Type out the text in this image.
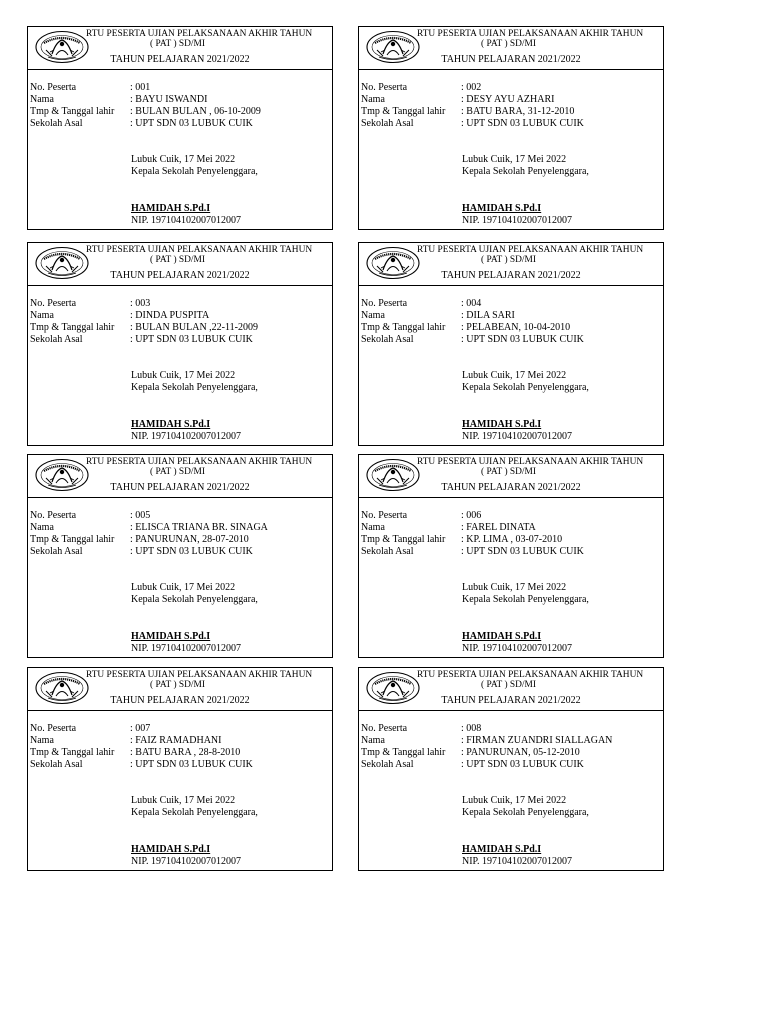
RTU PESERTA UJIAN PELAKSANAAN AKHIR TAHUN
( PAT ) SD/MI
TAHUN PELAJARAN 2021/2022
No. Peserta	: 001
Nama	: BAYU ISWANDI
Tmp & Tanggal lahir : BULAN BULAN , 06-10-2009
Sekolah Asal	: UPT SDN 03 LUBUK CUIK
Lubuk Cuik, 17 Mei 2022
Kepala Sekolah Penyelenggara,
HAMIDAH S.Pd.I
NIP. 197104102007012007
RTU PESERTA UJIAN PELAKSANAAN AKHIR TAHUN
( PAT ) SD/MI
TAHUN PELAJARAN 2021/2022
No. Peserta	: 002
Nama	: DESY AYU AZHARI
Tmp & Tanggal lahir : BATU BARA, 31-12-2010
Sekolah Asal	: UPT SDN 03 LUBUK CUIK
Lubuk Cuik, 17 Mei 2022
Kepala Sekolah Penyelenggara,
HAMIDAH S.Pd.I
NIP. 197104102007012007
RTU PESERTA UJIAN PELAKSANAAN AKHIR TAHUN
( PAT ) SD/MI
TAHUN PELAJARAN 2021/2022
No. Peserta	: 003
Nama	: DINDA PUSPITA
Tmp & Tanggal lahir : BULAN BULAN ,22-11-2009
Sekolah Asal	: UPT SDN 03 LUBUK CUIK
Lubuk Cuik, 17 Mei 2022
Kepala Sekolah Penyelenggara,
HAMIDAH S.Pd.I
NIP. 197104102007012007
RTU PESERTA UJIAN PELAKSANAAN AKHIR TAHUN
( PAT ) SD/MI
TAHUN PELAJARAN 2021/2022
No. Peserta	: 004
Nama	: DILA SARI
Tmp & Tanggal lahir : PELABEAN, 10-04-2010
Sekolah Asal	: UPT SDN 03 LUBUK CUIK
Lubuk Cuik, 17 Mei 2022
Kepala Sekolah Penyelenggara,
HAMIDAH S.Pd.I
NIP. 197104102007012007
RTU PESERTA UJIAN PELAKSANAAN AKHIR TAHUN
( PAT ) SD/MI
TAHUN PELAJARAN 2021/2022
No. Peserta	: 005
Nama	: ELISCA TRIANA BR. SINAGA
Tmp & Tanggal lahir : PANURUNAN, 28-07-2010
Sekolah Asal	: UPT SDN 03 LUBUK CUIK
Lubuk Cuik, 17 Mei 2022
Kepala Sekolah Penyelenggara,
HAMIDAH S.Pd.I
NIP. 197104102007012007
RTU PESERTA UJIAN PELAKSANAAN AKHIR TAHUN
( PAT ) SD/MI
TAHUN PELAJARAN 2021/2022
No. Peserta	: 006
Nama	: FAREL DINATA
Tmp & Tanggal lahir : KP. LIMA , 03-07-2010
Sekolah Asal	: UPT SDN 03 LUBUK CUIK
Lubuk Cuik, 17 Mei 2022
Kepala Sekolah Penyelenggara,
HAMIDAH S.Pd.I
NIP. 197104102007012007
RTU PESERTA UJIAN PELAKSANAAN AKHIR TAHUN
( PAT ) SD/MI
TAHUN PELAJARAN 2021/2022
No. Peserta	: 007
Nama	: FAIZ RAMADHANI
Tmp & Tanggal lahir : BATU BARA , 28-8-2010
Sekolah Asal	: UPT SDN 03 LUBUK CUIK
Lubuk Cuik, 17 Mei 2022
Kepala Sekolah Penyelenggara,
HAMIDAH S.Pd.I
NIP. 197104102007012007
RTU PESERTA UJIAN PELAKSANAAN AKHIR TAHUN
( PAT ) SD/MI
TAHUN PELAJARAN 2021/2022
No. Peserta	: 008
Nama	: FIRMAN ZUANDRI SIALLAGAN
Tmp & Tanggal lahir : PANURUNAN, 05-12-2010
Sekolah Asal	: UPT SDN 03 LUBUK CUIK
Lubuk Cuik, 17 Mei 2022
Kepala Sekolah Penyelenggara,
HAMIDAH S.Pd.I
NIP. 197104102007012007
